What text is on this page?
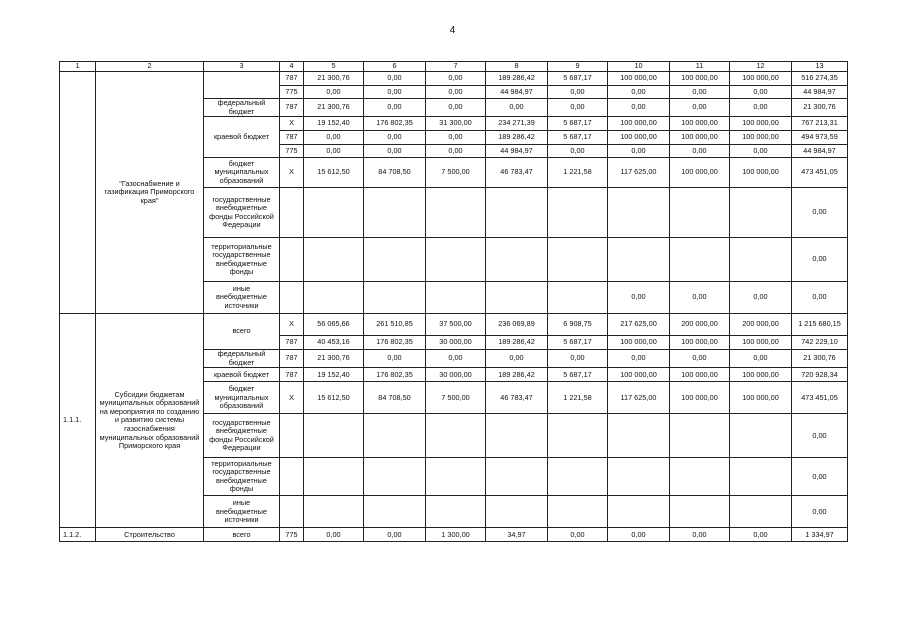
4
1	2	3	4	5	6	7	8	9	10	11	12	13
	"Газоснабжение и газификация Приморского края"		787	21 300,76	0,00	0,00	189 286,42	5 687,17	100 000,00	100 000,00	100 000,00	516 274,35
			775	0,00	0,00	0,00	44 984,97	0,00	0,00	0,00	0,00	44 984,97
		федеральный бюджет	787	21 300,76	0,00	0,00	0,00	0,00	0,00	0,00	0,00	21 300,76
		краевой бюджет	X	19 152,40	176 802,35	31 300,00	234 271,39	5 687,17	100 000,00	100 000,00	100 000,00	767 213,31
			787	0,00	0,00	0,00	189 286,42	5 687,17	100 000,00	100 000,00	100 000,00	494 973,59
			775	0,00	0,00	0,00	44 984,97	0,00	0,00	0,00	0,00	44 984,97
		бюджет муниципальных образований	X	15 612,50	84 708,50	7 500,00	46 783,47	1 221,58	117 625,00	100 000,00	100 000,00	473 451,05
		государственные внебюджетные фонды Российской Федерации										0,00
		территориальные государственные внебюджетные фонды										0,00
		иные внебюджетные источники							0,00	0,00	0,00	0,00
1.1.1.	Субсидии бюджетам муниципальных образований на мероприятия по созданию и развитию системы газоснабжения муниципальных образований Приморского края	всего	X	56 065,66	261 510,85	37 500,00	236 069,89	6 908,75	217 625,00	200 000,00	200 000,00	1 215 680,15
			787	40 453,16	176 802,35	30 000,00	189 286,42	5 687,17	100 000,00	100 000,00	100 000,00	742 229,10
		федеральный бюджет	787	21 300,76	0,00	0,00	0,00	0,00	0,00	0,00	0,00	21 300,76
		краевой бюджет	787	19 152,40	176 802,35	30 000,00	189 286,42	5 687,17	100 000,00	100 000,00	100 000,00	720 928,34
		бюджет муниципальных образований	X	15 612,50	84 708,50	7 500,00	46 783,47	1 221,58	117 625,00	100 000,00	100 000,00	473 451,05
		государственные внебюджетные фонды Российской Федерации										0,00
		территориальные государственные внебюджетные фонды										0,00
		иные внебюджетные источники										0,00
1.1.2.	Строительство	всего	775	0,00	0,00	1 300,00	34,97	0,00	0,00	0,00	0,00	1 334,97
